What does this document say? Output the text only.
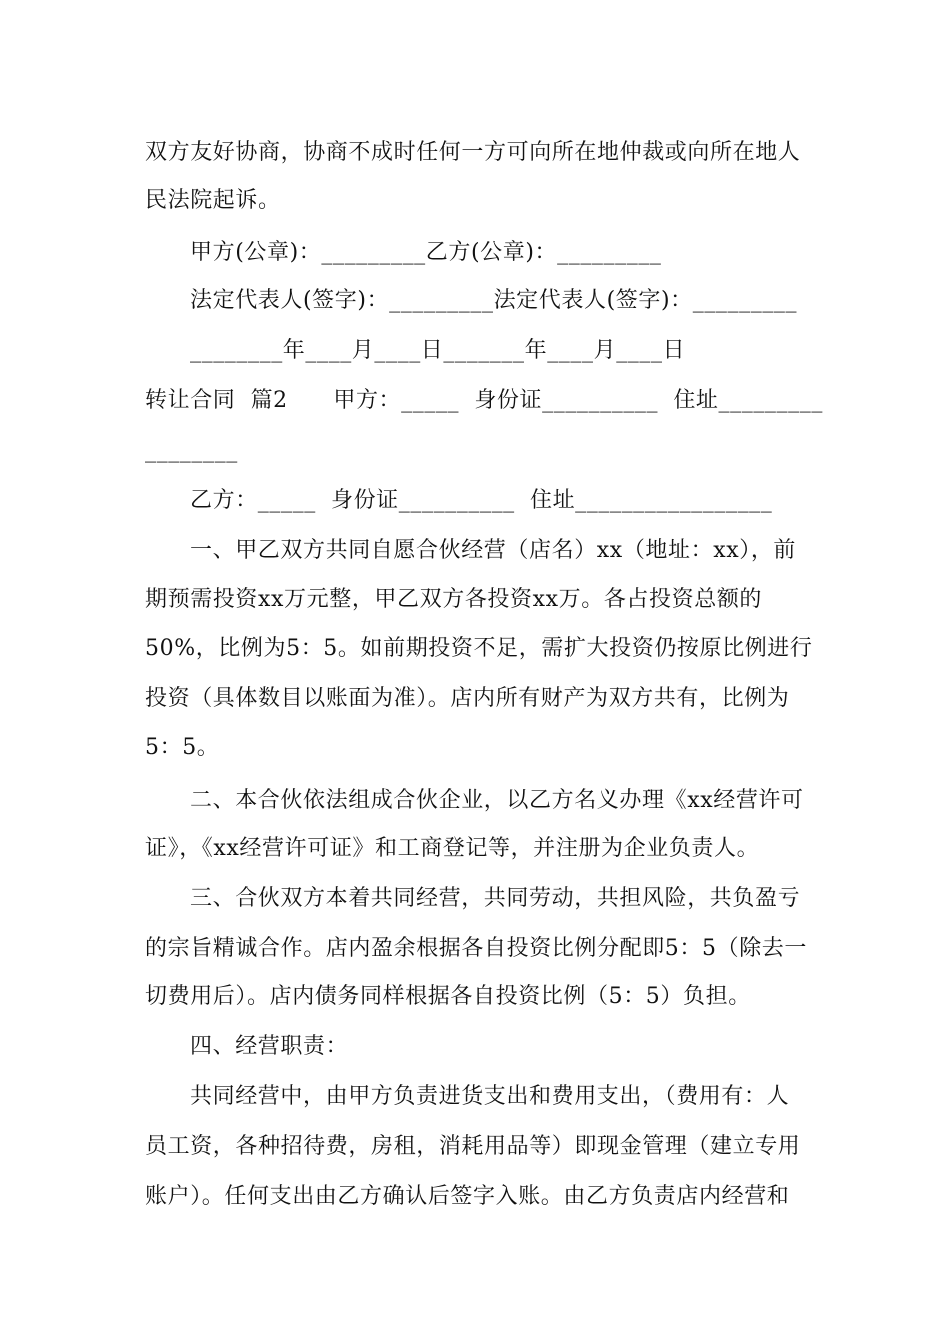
双方友好协商，协商不成时任何一方可向所在地仲裁或向所在地人
民法院起诉。
甲方(公章)：_________乙方(公章)：_________
法定代表人(签字)：_________法定代表人(签字)：_________
________年____月____日_______年____月____日
转让合同  篇2      甲方：_____  身份证__________  住址_________
________
乙方：_____  身份证__________  住址_________________
一、甲乙双方共同自愿合伙经营（店名）xx（地址：xx），前
期预需投资xx万元整，甲乙双方各投资xx万。各占投资总额的
50%，比例为5：5。如前期投资不足，需扩大投资仍按原比例进行
投资（具体数目以账面为准）。店内所有财产为双方共有，比例为
5：5。
二、本合伙依法组成合伙企业，以乙方名义办理《xx经营许可
证》，《xx经营许可证》和工商登记等，并注册为企业负责人。
三、合伙双方本着共同经营，共同劳动，共担风险，共负盈亏
的宗旨精诚合作。店内盈余根据各自投资比例分配即5：5（除去一
切费用后）。店内债务同样根据各自投资比例（5：5）负担。
四、经营职责：
共同经营中，由甲方负责进货支出和费用支出，（费用有：人
员工资，各种招待费，房租，消耗用品等）即现金管理（建立专用
账户）。任何支出由乙方确认后签字入账。由乙方负责店内经营和
